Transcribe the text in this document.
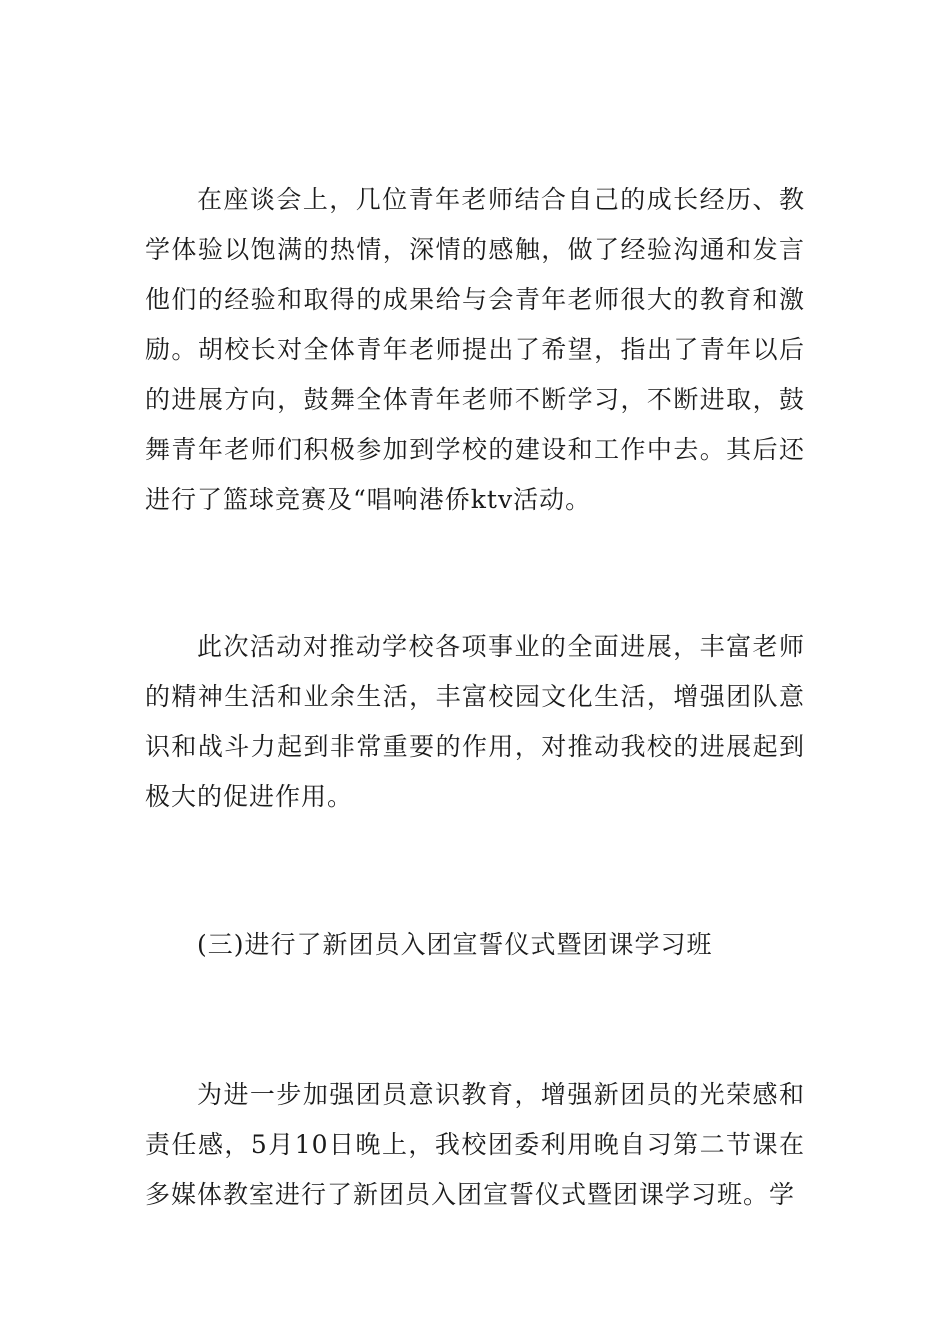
在座谈会上，几位青年老师结合自己的成长经历、教学体验以饱满的热情，深情的感触，做了经验沟通和发言他们的经验和取得的成果给与会青年老师很大的教育和激励。胡校长对全体青年老师提出了希望，指出了青年以后的进展方向，鼓舞全体青年老师不断学习，不断进取，鼓舞青年老师们积极参加到学校的建设和工作中去。其后还进行了篮球竞赛及“唱响港侨ktv活动。

此次活动对推动学校各项事业的全面进展，丰富老师的精神生活和业余生活，丰富校园文化生活，增强团队意识和战斗力起到非常重要的作用，对推动我校的进展起到极大的促进作用。

(三)进行了新团员入团宣誓仪式暨团课学习班

为进一步加强团员意识教育，增强新团员的光荣感和责任感，5月10日晚上，我校团委利用晚自习第二节课在多媒体教室进行了新团员入团宣誓仪式暨团课学习班。学
